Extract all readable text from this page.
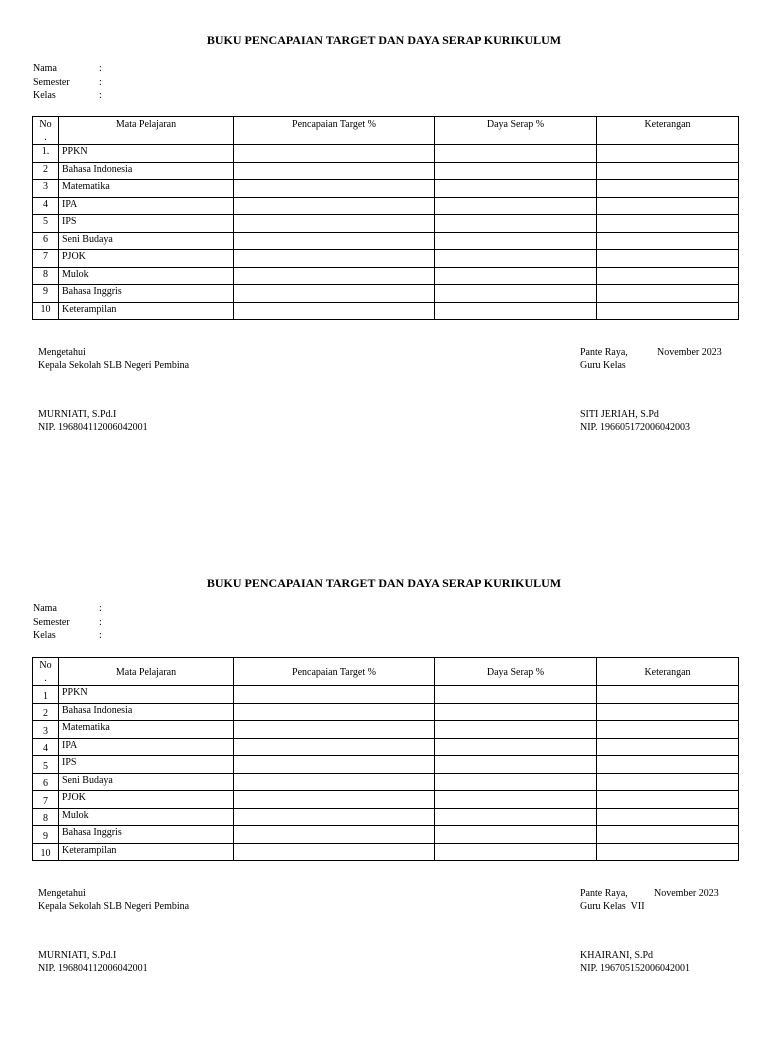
BUKU PENCAPAIAN TARGET DAN DAYA SERAP KURIKULUM
Nama	:
Semester	:
Kelas	:
No
.	Mata Pelajaran	Pencapaian Target %	Daya Serap %	Keterangan
1.	PPKN			
2	Bahasa Indonesia			
3	Matematika			
4	IPA			
5	IPS			
6	Seni Budaya			
7	PJOK			
8	Mulok			
9	Bahasa Inggris			
10	Keterampilan			
Mengetahui
Kepala Sekolah SLB Negeri Pembina
Pante Raya,	November 2023
Guru Kelas
MURNIATI, S.Pd.I
NIP. 196804112006042001
SITI JERIAH, S.Pd
NIP. 196605172006042003
BUKU PENCAPAIAN TARGET DAN DAYA SERAP KURIKULUM
Nama	:
Semester	:
Kelas	:
No
.	Mata Pelajaran	Pencapaian Target %	Daya Serap %	Keterangan
1	PPKN			
2	Bahasa Indonesia			
3	Matematika			
4	IPA			
5	IPS			
6	Seni Budaya			
7	PJOK			
8	Mulok			
9	Bahasa Inggris			
10	Keterampilan			
Mengetahui
Kepala Sekolah SLB Negeri Pembina
Pante Raya,	November 2023
Guru Kelas  VII
MURNIATI, S.Pd.I
NIP. 196804112006042001
KHAIRANI, S.Pd
NIP. 196705152006042001
